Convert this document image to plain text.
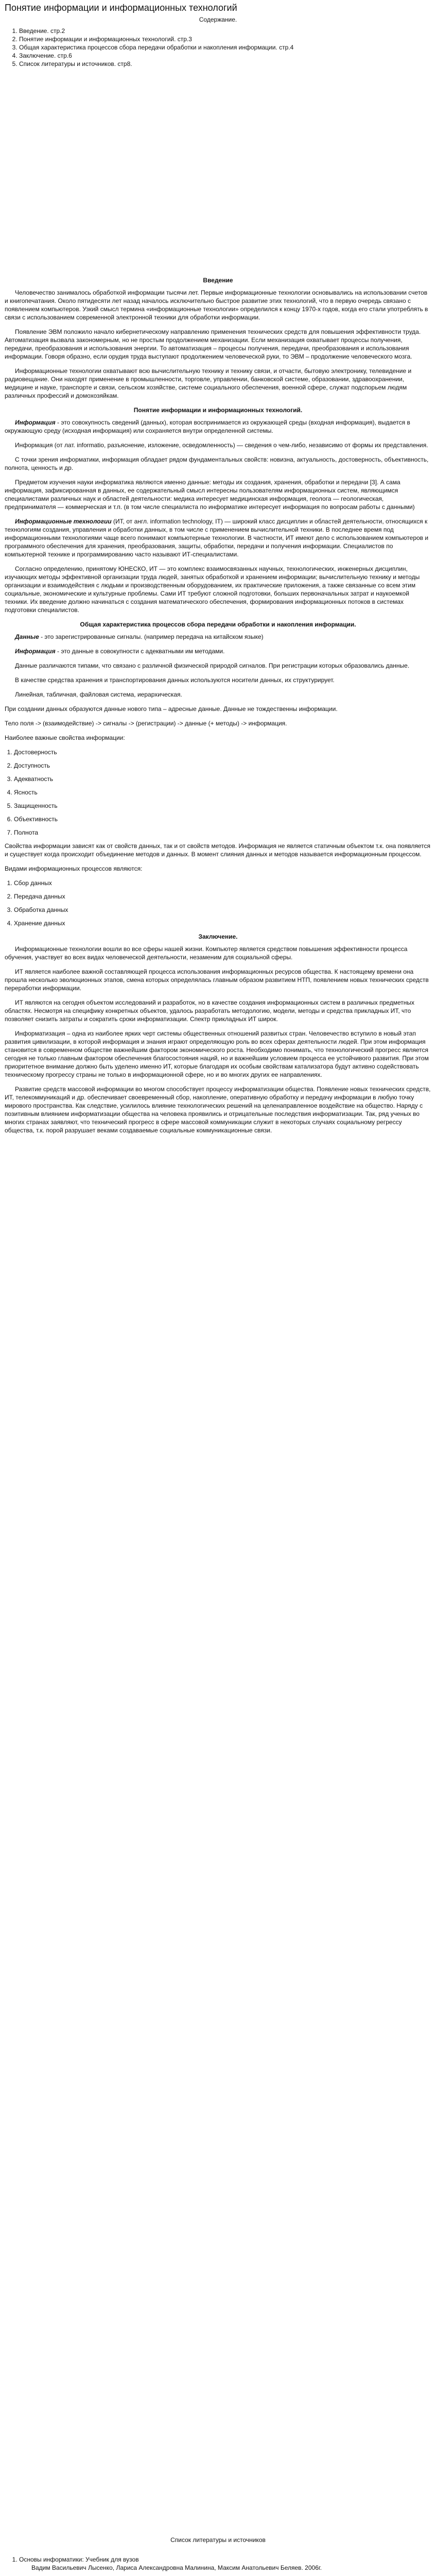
Понятие информации и информационных технологий
Содержание.
1. Введение. стр.2
2. Понятие информации и информационных технологий. стр.3
3. Общая характеристика процессов сбора передачи обработки и накопления информации. стр.4
4. Заключение. стр.6
5. Список литературы и источников. стр8.
Введение

Человечество занималось обработкой информации тысячи лет. Первые информационные технологии основывались на использовании счетов и книгопечатания. Около пятидесяти лет назад началось исключительно быстрое развитие этих технологий, что в первую очередь связано с появлением компьютеров. Узкий смысл термина «информационные технологии» определился к концу 1970-х годов, когда его стали употреблять в связи с использованием современной электронной техники для обработки информации.

Появление ЭВМ положило начало кибернетическому направлению применения технических средств для повышения эффективности труда. Автоматизация вызвала закономерным, но не простым продолжением механизации. Если механизация охватывает процессы получения, передачи, преобразования и использования энергии. То автоматизация – процессы получения, передачи, преобразования и использования информации. Говоря образно, если орудия труда выступают продолжением человеческой руки, то ЭВМ – продолжение человеческого мозга.

Информационные технологии охватывают всю вычислительную технику и технику связи, и отчасти, бытовую электронику, телевидение и радиовещание. Они находят применение в промышленности, торговле, управлении, банковской системе, образовании, здравоохранении, медицине и науке, транспорте и связи, сельском хозяйстве, системе социального обеспечения, военной сфере, служат подспорьем людям различных профессий и домохозяйкам.

Понятие информации и информационных технологий.

Информация - это совокупность сведений (данных), которая воспринимается из окружающей среды (входная информация), выдается в окружающую среду (исходная информация) или сохраняется внутри определенной системы.

Информация (от лат. informatio, разъяснение, изложение, осведомленность) — сведения о чем-либо, независимо от формы их представления.

С точки зрения информатики, информация обладает рядом фундаментальных свойств: новизна, актуальность, достоверность, объективность, полнота, ценность и др.

Предметом изучения науки информатика являются именно данные: методы их создания, хранения, обработки и передачи [3]. А сама информация, зафиксированная в данных, ее содержательный смысл интересны пользователям информационных систем, являющимся специалистами различных наук и областей деятельности: медика интересует медицинская информация, геолога — геологическая, предпринимателя — коммерческая и т.п. (в том числе специалиста по информатике интересует информация по вопросам работы с данными)

Информационные технологии (ИТ, от англ. information technology, IT) — широкий класс дисциплин и областей деятельности, относящихся к технологиям создания, управления и обработки данных, в том числе с применением вычислительной техники. В последнее время под информационными технологиями чаще всего понимают компьютерные технологии. В частности, ИТ имеют дело с использованием компьютеров и программного обеспечения для хранения, преобразования, защиты, обработки, передачи и получения информации. Специалистов по компьютерной технике и программированию часто называют ИТ-специалистами.

Согласно определению, принятому ЮНЕСКО, ИТ — это комплекс взаимосвязанных научных, технологических, инженерных дисциплин, изучающих методы эффективной организации труда людей, занятых обработкой и хранением информации; вычислительную технику и методы организации и взаимодействия с людьми и производственным оборудованием, их практические приложения, а также связанные со всем этим социальные, экономические и культурные проблемы. Сами ИТ требуют сложной подготовки, больших первоначальных затрат и наукоемкой техники. Их введение должно начинаться с создания математического обеспечения, формирования информационных потоков в системах подготовки специалистов.

Общая характеристика процессов сбора передачи обработки и накопления информации.

Данные - это зарегистрированные сигналы. (например передача на китайском языке)

Информация - это данные в совокупности с адекватными им методами.

Данные различаются типами, что связано с различной физической природой сигналов. При регистрации которых образовались данные.

В качестве средства хранения и транспортирования данных используются носители данных, их структурирует.

Линейная, табличная, файловая система, иерархическая.

При создании данных образуются данные нового типа – адресные данные. Данные не тождественны информации.

Тело поля -> (взаимодействие) -> сигналы -> (регистрации) -> данные (+ методы) -> информация.

Наиболее важные свойства информации:

1. Достоверность
2. Доступность
3. Адекватность
4. Ясность
5. Защищенность
6. Объективность
7. Полнота

Свойства информации зависят как от свойств данных, так и от свойств методов. Информация не является статичным объектом т.к. она появляется и существует когда происходит объединение методов и данных. В момент слияния данных и методов называется информационным процессом.

Видами информационных процессов являются:

1. Сбор данных
2. Передача данных
3. Обработка данных
4. Хранение данных
Заключение.

Информационные технологии вошли во все сферы нашей жизни. Компьютер является средством повышения эффективности процесса обучения, участвует во всех видах человеческой деятельности, незаменим для социальной сферы.

ИТ является наиболее важной составляющей процесса использования информационных ресурсов общества. К настоящему времени она прошла несколько эволюционных этапов, смена которых определялась главным образом развитием НТП, появлением новых технических средств переработки информации.

ИТ являются на сегодня объектом исследований и разработок, но в качестве создания информационных систем в различных предметных областях. Несмотря на специфику конкретных объектов, удалось разработать методологию, модели, методы и средства прикладных ИТ, что позволяет снизить затраты и сократить сроки информатизации. Спектр прикладных ИТ широк.

Информатизация – одна из наиболее ярких черт системы общественных отношений развитых стран. Человечество вступило в новый этап развития цивилизации, в которой информация и знания играют определяющую роль во всех сферах деятельности людей. При этом информация становится в современном обществе важнейшим фактором экономического роста. Необходимо понимать, что технологический прогресс является сегодня не только главным фактором обеспечения благосостояния наций, но и важнейшим условием процесса ее устойчивого развития. При этом приоритетное внимание должно быть уделено именно ИТ, которые благодаря их особым свойствам катализатора будут активно содействовать техническому прогрессу страны не только в информационной сфере, но и во многих других ее направлениях.

Развитие средств массовой информации во многом способствует процессу информатизации общества. Появление новых технических средств, ИТ, телекоммуникаций и др. обеспечивает своевременный сбор, накопление, оперативную обработку и передачу информации в любую точку мирового пространства. Как следствие, усилилось влияние технологических решений на целенаправленное воздействие на общество. Наряду с позитивным влиянием информатизации общества на человека проявились и отрицательные последствия информатизации. Так, ряд ученых во многих странах заявляют, что технический прогресс в сфере массовой коммуникации служит в некоторых случаях социальному регрессу общества, т.к. порой разрушает веками создаваемые социальные коммуникационные связи.

Список литературы и источников
1. Основы информатики: Учебник для вузов
Вадим Васильевич Лысенко, Лариса Александровна Малинина, Максим Анатольевич Беляев. 2006г.
